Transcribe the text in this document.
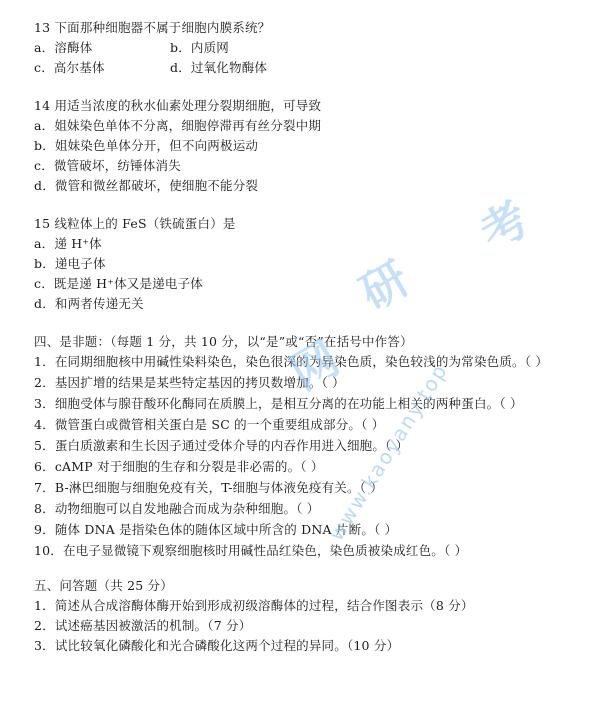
13 下面那种细胞器不属于细胞内膜系统？
a．溶酶体	b．内质网
c．高尔基体	d．过氧化物酶体
14 用适当浓度的秋水仙素处理分裂期细胞，可导致
a．姐妹染色单体不分离，细胞停滞再有丝分裂中期
b．姐妹染色单体分开，但不向两极运动
c．微管破坏，纺锤体消失
d．微管和微丝都破坏，使细胞不能分裂
15 线粒体上的 FeS（铁硫蛋白）是
a．递 H⁺体
b．递电子体
c．既是递 H⁺体又是递电子体
d．和两者传递无关
四、是非题：（每题 1 分，共 10 分，以“是”或“否”在括号中作答）
1．在同期细胞核中用碱性染料染色，染色很深的为异染色质，染色较浅的为常染色质。（ ）
2．基因扩增的结果是某些特定基因的拷贝数增加。（ ）
3．细胞受体与腺苷酸环化酶同在质膜上，是相互分离的在功能上相关的两种蛋白。（ ）
4．微管蛋白或微管相关蛋白是 SC 的一个重要组成部分。（ ）
5．蛋白质激素和生长因子通过受体介导的内吞作用进入细胞。（ ）
6．cAMP 对于细胞的生存和分裂是非必需的。（ ）
7．B-淋巴细胞与细胞免疫有关，T-细胞与体液免疫有关。（ ）
8．动物细胞可以自发地融合而成为杂种细胞。（ ）
9．随体 DNA 是指染色体的随体区域中所含的 DNA 片断。（ ）
10．在电子显微镜下观察细胞核时用碱性品红染色，染色质被染成红色。（ ）
五、问答题（共 25 分）
1．简述从合成溶酶体酶开始到形成初级溶酶体的过程，结合作图表示（8 分）
2．试述癌基因被激活的机制。（7 分）
3．试比较氧化磷酸化和光合磷酸化这两个过程的异同。（10 分）
考
研
网
www.kaoyany.top
